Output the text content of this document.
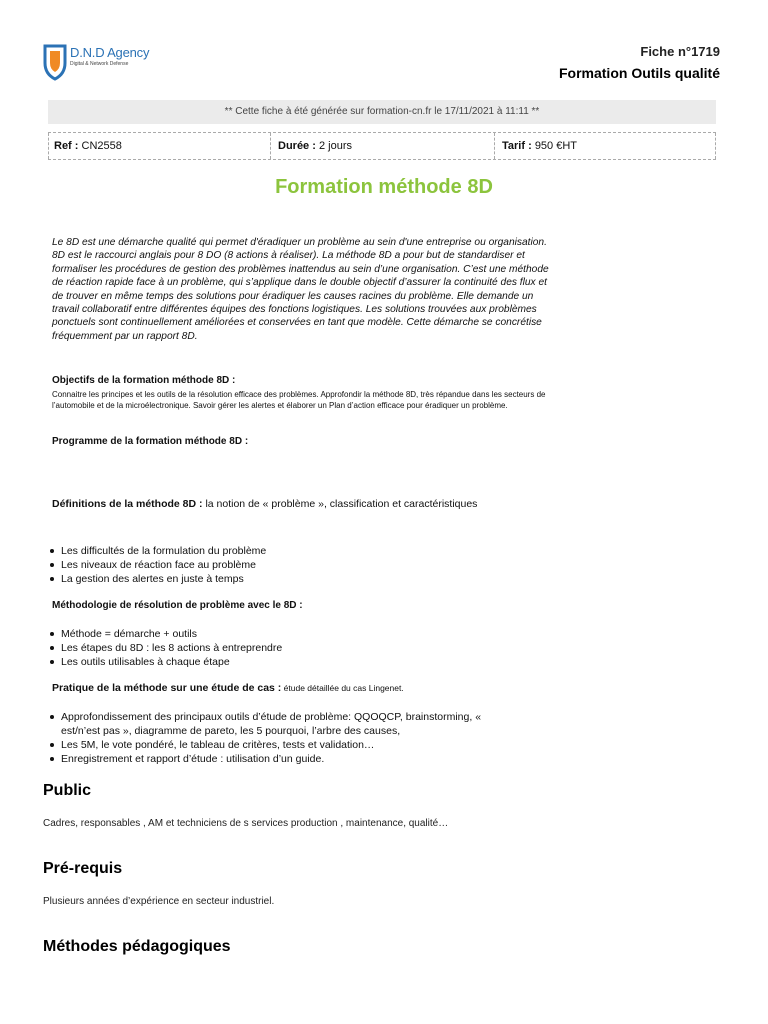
D.N.D Agency
Digital & Network Defense
Fiche n°1719
Formation Outils qualité
** Cette fiche à été générée sur formation-cn.fr le 17/11/2021 à 11:11 **
Ref : CN2558	Durée : 2 jours	Tarif : 950 €HT
Formation méthode 8D
Le 8D est une démarche qualité qui permet d'éradiquer un problème au sein d'une entreprise ou organisation. 8D est le raccourci anglais pour 8 DO (8 actions à réaliser). La méthode 8D a pour but de standardiser et formaliser les procédures de gestion des problèmes inattendus au sein d’une organisation. C’est une méthode de réaction rapide face à un problème, qui s’applique dans le double objectif d’assurer la continuité des flux et de trouver en même temps des solutions pour éradiquer les causes racines du problème. Elle demande un travail collaboratif entre différentes équipes des fonctions logistiques. Les solutions trouvées aux problèmes ponctuels sont continuellement améliorées et conservées en tant que modèle. Cette démarche se concrétise fréquemment par un rapport 8D.
Objectifs de la formation méthode 8D :
Connaitre les principes et les outils de la résolution efficace des problèmes. Approfondir la méthode 8D, très répandue dans les secteurs de l’automobile et de la microélectronique. Savoir gérer les alertes et élaborer un Plan d’action efficace pour éradiquer un problème.
Programme de la formation méthode 8D :
Définitions de la méthode 8D : la notion de « problème », classification et caractéristiques
Les difficultés de la formulation du problème
Les niveaux de réaction face au problème
La gestion des alertes en juste à temps
Méthodologie de résolution de problème avec le 8D :
Méthode = démarche + outils
Les étapes du 8D : les 8 actions à entreprendre
Les outils utilisables à chaque étape
Pratique de la méthode sur une étude de cas : étude détaillée du cas Lingenet.
Approfondissement des principaux outils d’étude de problème: QQOQCP, brainstorming, « est/n’est pas », diagramme de pareto, les 5 pourquoi, l’arbre des causes,
Les 5M, le vote pondéré, le tableau de critères, tests et validation…
Enregistrement et rapport d’étude : utilisation d’un guide.
Public
Cadres, responsables , AM et techniciens de s services production , maintenance, qualité…
Pré-requis
Plusieurs années d’expérience en secteur industriel.
Méthodes pédagogiques
